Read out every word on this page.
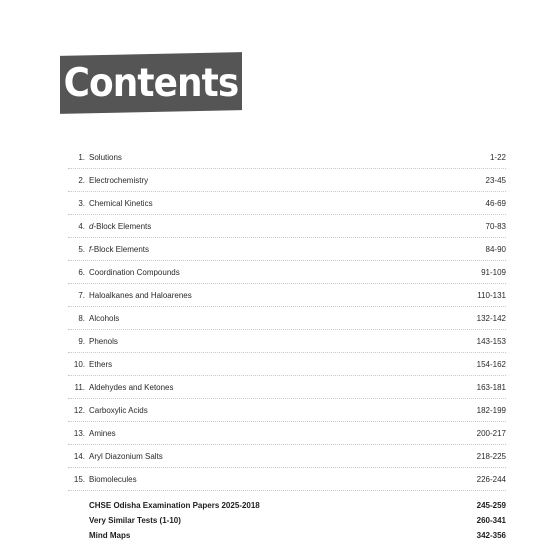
Contents
1. Solutions	1-22
2. Electrochemistry	23-45
3. Chemical Kinetics	46-69
4. d-Block Elements	70-83
5. f-Block Elements	84-90
6. Coordination Compounds	91-109
7. Haloalkanes and Haloarenes	110-131
8. Alcohols	132-142
9. Phenols	143-153
10. Ethers	154-162
11. Aldehydes and Ketones	163-181
12. Carboxylic Acids	182-199
13. Amines	200-217
14. Aryl Diazonium Salts	218-225
15. Biomolecules	226-244
CHSE Odisha Examination Papers 2025-2018	245-259
Very Similar Tests (1-10)	260-341
Mind Maps	342-356
